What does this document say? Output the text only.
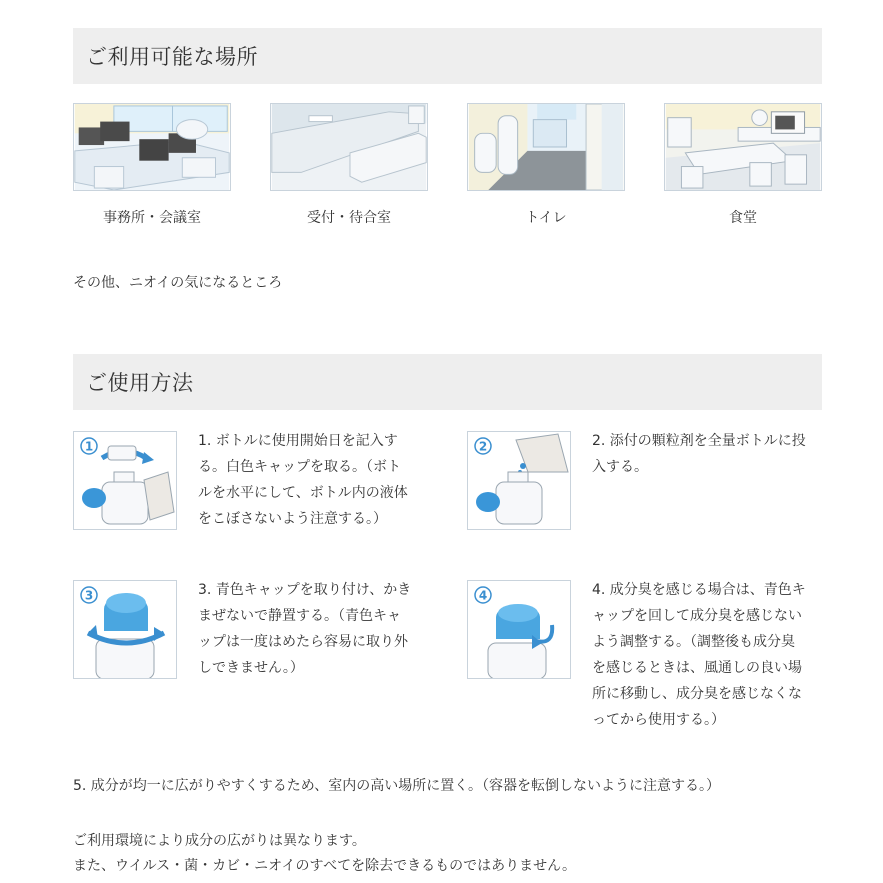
ご利用可能な場所
事務所・会議室	受付・待合室	トイレ	食堂

その他、ニオイの気になるところ

ご使用方法
1	1. ボトルに使用開始日を記入す
る。白色キャップを取る。（ボト
ルを水平にして、ボトル内の液体
をこぼさないよう注意する。）
2	2. 添付の顆粒剤を全量ボトルに投
入する。
3	3. 青色キャップを取り付け、かき
まぜないで静置する。（青色キャ
ップは一度はめたら容易に取り外
しできません。）
4	4. 成分臭を感じる場合は、青色キ
ャップを回して成分臭を感じない
よう調整する。（調整後も成分臭
を感じるときは、風通しの良い場
所に移動し、成分臭を感じなくな
ってから使用する。）

5. 成分が均一に広がりやすくするため、室内の高い場所に置く。（容器を転倒しないように注意する。）

ご利用環境により成分の広がりは異なります。

また、ウイルス・菌・カビ・ニオイのすべてを除去できるものではありません。
